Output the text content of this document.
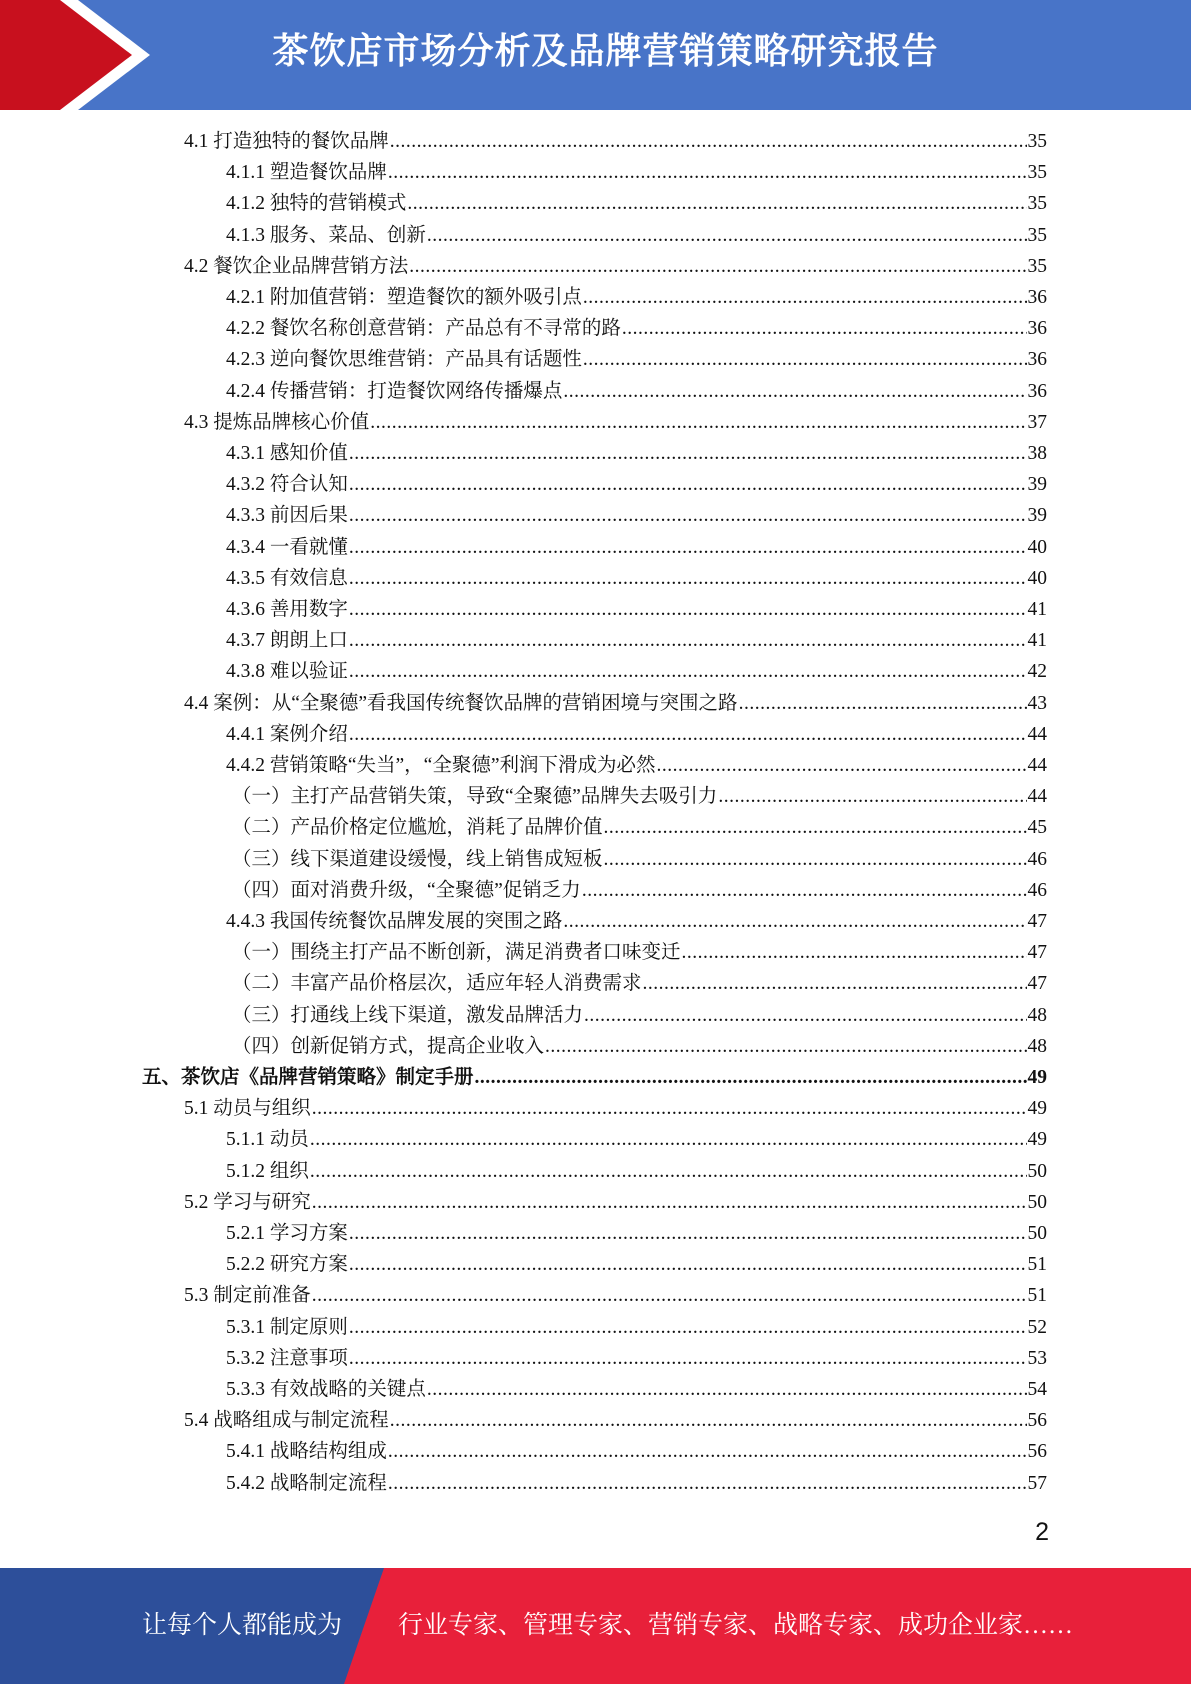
茶饮店市场分析及品牌营销策略研究报告
4.1 打造独特的餐饮品牌 .....	35
4.1.1 塑造餐饮品牌 .....	35
4.1.2 独特的营销模式 .....	35
4.1.3 服务、菜品、创新 .....	35
4.2 餐饮企业品牌营销方法 .....	35
4.2.1 附加值营销：塑造餐饮的额外吸引点 .....	36
4.2.2 餐饮名称创意营销：产品总有不寻常的路 .....	36
4.2.3 逆向餐饮思维营销：产品具有话题性 .....	36
4.2.4 传播营销：打造餐饮网络传播爆点 .....	36
4.3 提炼品牌核心价值 .....	37
4.3.1 感知价值 .....	38
4.3.2 符合认知 .....	39
4.3.3 前因后果 .....	39
4.3.4 一看就懂 .....	40
4.3.5 有效信息 .....	40
4.3.6 善用数字 .....	41
4.3.7 朗朗上口 .....	41
4.3.8 难以验证 .....	42
4.4 案例：从“全聚德”看我国传统餐饮品牌的营销困境与突围之路 .....	43
4.4.1 案例介绍 .....	44
4.4.2 营销策略“失当”，“全聚德”利润下滑成为必然 .....	44
（一）主打产品营销失策，导致“全聚德”品牌失去吸引力 .....	44
（二）产品价格定位尴尬，消耗了品牌价值 .....	45
（三）线下渠道建设缓慢，线上销售成短板 .....	46
（四）面对消费升级，“全聚德”促销乏力 .....	46
4.4.3 我国传统餐饮品牌发展的突围之路 .....	47
（一）围绕主打产品不断创新，满足消费者口味变迁 .....	47
（二）丰富产品价格层次，适应年轻人消费需求 .....	47
（三）打通线上线下渠道，激发品牌活力 .....	48
（四）创新促销方式，提高企业收入 .....	48
五、茶饮店《品牌营销策略》制定手册 .....	49
5.1 动员与组织 .....	49
5.1.1 动员 .....	49
5.1.2 组织 .....	50
5.2 学习与研究 .....	50
5.2.1 学习方案 .....	50
5.2.2 研究方案 .....	51
5.3 制定前准备 .....	51
5.3.1 制定原则 .....	52
5.3.2 注意事项 .....	53
5.3.3 有效战略的关键点 .....	54
5.4 战略组成与制定流程 .....	56
5.4.1 战略结构组成 .....	56
5.4.2 战略制定流程 .....	57
2
让每个人都能成为 行业专家、管理专家、营销专家、战略专家、成功企业家……
